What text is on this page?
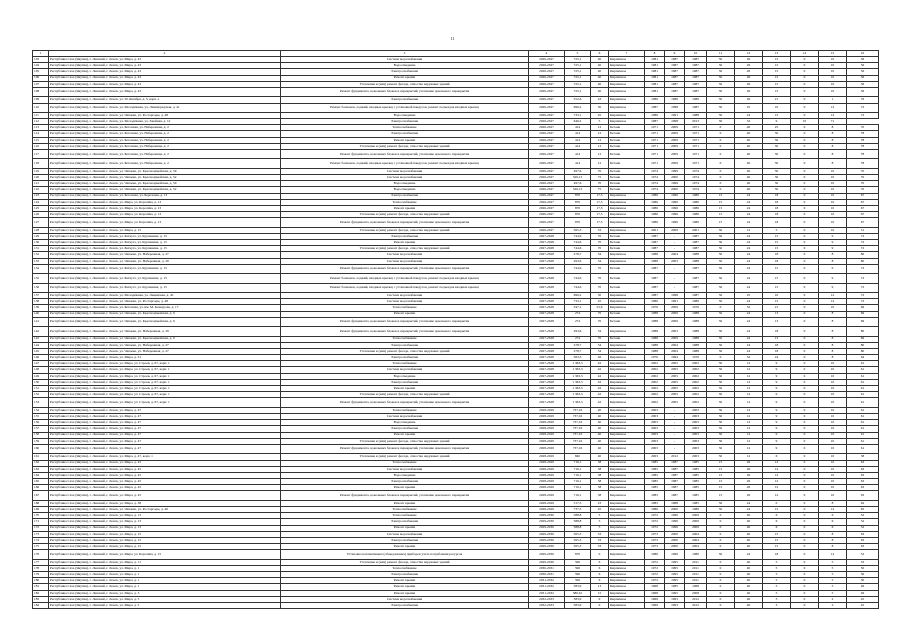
11
1	2	3	4	5	6	7	8	9	10	11	12	13	14	15	16
103	Республика Саха (Якутия), г. Ленский, г. Ленск, ул. Мира, д. 43	Система водоснабжения	2026-2027	725,1	40	Кирпичное	1981	1987	1987	30	26	15	0	10	56
104	Республика Саха (Якутия), г. Ленский, г. Ленск, ул. Мира, д. 43	Водоотведение	2026-2027	725,1	40	Кирпичное	1981	1987	1987	30	26	15	0	10	56
105	Республика Саха (Якутия), г. Ленский, г. Ленск, ул. Мира, д. 43	Электроснабжение	2026-2027	725,1	40	Кирпичное	1981	1987	1987	30	26	15	0	10	56
106	Республика Саха (Якутия), г. Ленский, г. Ленск, ул. Мира, д. 43	Ремонт крыши	2026-2027	725,1	40	Кирпичное	1981	1987	1987	30	26	15	0	10	56
107	Республика Саха (Якутия), г. Ленский, г. Ленск, ул. Мира, д. 43	Утепление и (или) ремонт фасада, отмостка наружных зданий	2026-2027	725,1	40	Кирпичное	1981	1987	1987	30	26	15	0	10	56
108	Республика Саха (Якутия), г. Ленский, г. Ленск, ул. Мира, д. 43	Ремонт фундамента, цокольных блоков и перекрытий, утепление цокольного перекрытия	2026-2027	725,1	40	Кирпичное	1981	1987	1987	30	26	15	0	10	56
109	Республика Саха (Якутия), г. Ленский, г. Ленск, ул. 50 Октября, д. 5, корп. а	Электроснабжение	2026-2027	552,6	43	Кирпичное	1986	1986	1986	30	26	21	0	1	76
110	Республика Саха (Якутия), г. Ленский, г. Ленск, ул. Молодёжная, ул. Ленинградская, д. 41	Ремонт балконов, лоджий, входных крылец с установкой пандусов, ремонт подъездов входных крылец	2026-2027	696,2	50	Кирпичное	1987	1998	1987	30	25	10	0	12	72
111	Республика Саха (Якутия), г. Ленский, г. Ленск, ул. Чапаева, ул. Ростаргоды, д. 48	Водоотведение	2026-2027	733,1	45	Кирпичное	1986	1991	1988	30	24	15	0	12	72
112	Республика Саха (Якутия), г. Ленский, г. Ленск, ул. Молодёжная, ул. Хвойная, д. 12	Электроснабжение	2026-2027	646,2	5	Кирпичное	1987	1998	2013	30	32	9	10	71	
113	Республика Саха (Якутия), г. Ленский, г. Ленск, ул. Бетонная, ул. Набережная, д. 2	Теплоснабжение	2026-2027	414	12	Бетонн	1971	2009	1971	0	40	25	0	8	70
114	Республика Саха (Якутия), г. Ленский, г. Ленск, ул. Бетонная, ул. Набережная, д. 2	Электроснабжение	2026-2027	414	12	Бетонн	1971	2009	1971	0	40	30	0	8	78
115	Республика Саха (Якутия), г. Ленский, г. Ленск, ул. Бетонная, ул. Набережная, д. 2	Ремонт крыши	2026-2027	414	12	Бетонн	1971	2009	1971	0	40	30	0	8	78
116	Республика Саха (Якутия), г. Ленский, г. Ленск, ул. Бетонная, ул. Набережная, д. 2	Утепление и (или) ремонт фасада, отмостка наружных зданий	2026-2027	414	12	Бетонн	1971	2009	1971	0	40	30	0	8	78
117	Республика Саха (Якутия), г. Ленский, г. Ленск, ул. Бетонная, ул. Набережная, д. 2	Ремонт фундамента, цокольных блоков и перекрытий, утепление цокольного перекрытия	2026-2027	414	12	Бетонн	1971	2009	1971	0	40	30	0	8	78
118	Республика Саха (Якутия), г. Ленский, г. Ленск, ул. Бетонная, ул. Набережная, д. 2	Ремонт балконов, лоджий, входных крылец с установкой пандусов, ремонт подъездов входных крылец	2026-2027	414	12	Бетонн	1971	2009	1971	0	40	30	0	8	78
119	Республика Саха (Якутия), г. Ленский, г. Ленск, ул. Чапаева, ул. Красноармейская, д. 59	Система водоснабжения	2026-2027	497,6	70	Бетонн	1974	1999	1974	0	40	30	0	10	70
120	Республика Саха (Якутия), г. Ленский, г. Ленск, ул. Чапаева, ул. Красноармейская, д. 52	Система водоснабжения	2026-2027	526,13	75	Бетонн	1974	2000	1974	0	40	30	0	10	70
121	Республика Саха (Якутия), г. Ленский, г. Ленск, ул. Чапаева, ул. Красноармейская, д. 59	Водоотведение	2026-2027	497,6	70	Бетонн	1974	1999	1974	0	40	30	0	10	70
122	Республика Саха (Якутия), г. Ленский, г. Ленск, ул. Чапаева, ул. Красноармейская, д. 52	Водоотведение	2026-2027	526,13	75	Бетонн	1974	2000	1974	0	40	30	0	10	70
123	Республика Саха (Якутия), г. Ленский, г. Ленск, ул. Бетонная, ул. Березовая, д. 13	Электроснабжение	2026-2027	870	17,5	Кирпичное	1986	1996	1986	15	24	18	0	10	67
124	Республика Саха (Якутия), г. Ленский, г. Ленск, ул. Мира, ул. Королёва, д. 13	Теплоснабжение	2026-2027	870	17,5	Кирпичное	1986	1996	1986	15	24	18	0	10	67
125	Республика Саха (Якутия), г. Ленский, г. Ленск, ул. Мира, ул. Королёва, д. 13	Ремонт крыши	2026-2027	870	17,5	Кирпичное	1986	1996	1986	15	24	18	0	10	67
126	Республика Саха (Якутия), г. Ленский, г. Ленск, ул. Мира, ул. Королёва, д. 13	Утепление и (или) ремонт фасада, отмостка наружных зданий	2026-2027	870	17,5	Кирпичное	1986	1996	1986	15	24	18	0	10	67
127	Республика Саха (Якутия), г. Ленский, г. Ленск, ул. Мира, ул. Королёва, д. 13	Ремонт фундамента, цокольных блоков и перекрытий, утепление цокольного перекрытия	2026-2027	870	17,5	Кирпичное	1986	1996	1986	15	24	18	0	10	67
128	Республика Саха (Якутия), г. Ленский, г. Ленск, ул. Мира, д. 15	Утепление и (или) ремонт фасада, отмостка наружных зданий	2026-2027	565,3	33	Кирпичное	2001	2009	2001	30	12	5	0	10	51
129	Республика Саха (Якутия), г. Ленский, г. Ленск, ул. Бахчуга, ул. Крупенина, д. 15	Электроснабжение	2027-2028	744,6	70	Бетонн	1987	-	1987	30	24	15	0	9	72
130	Республика Саха (Якутия), г. Ленский, г. Ленск, ул. Бахчуга, ул. Крупенина, д. 15	Ремонт крыши	2027-2028	744,6	70	Бетонн	1987	-	1987	30	24	15	0	9	72
131	Республика Саха (Якутия), г. Ленский, г. Ленск, ул. Бахчуга, ул. Крупенина, д. 15	Утепление и (или) ремонт фасада, отмостка наружных зданий	2027-2028	744,6	70	Бетонн	1987	-	1987	30	24	15	0	9	72
132	Республика Саха (Якутия), г. Ленский, г. Ленск, ул. Чапаева, ул. Набережная, д. 27	Система водоснабжения	2027-2028	278,7	34	Кирпичное	1988	2004	1988	30	24	18	0	8	80
133	Республика Саха (Якутия), г. Ленский, г. Ленск, ул. Чапаева, ул. Набережная, д. 29	Система водоснабжения	2027-2028	293,6	34	Кирпичное	1988	2003	1988	30	24	18	0	8	80
134	Республика Саха (Якутия), г. Ленский, г. Ленск, ул. Бахчуга, ул. Крупенина, д. 15	Ремонт фундамента, цокольных блоков и перекрытий, утепление цокольного перекрытия	2027-2028	744,6	70	Бетонн	1987	-	1987	30	24	15	0	9	72
135	Республика Саха (Якутия), г. Ленский, г. Ленск, ул. Бахчуга, ул. Крупенина, д. 15	Ремонт балконов, лоджий, входных крылец с установкой пандусов, ремонт подъездов входных крылец	2027-2028	744,6	70	Бетонн	1987	-	1987	30	24	15	0	9	72
136	Республика Саха (Якутия), г. Ленский, г. Ленск, ул. Бахчуга, ул. Крупенина, д. 15	Ремонт балконов, лоджий, входных крылец с установкой пандусов, ремонт подъездов входных крылец	2027-2028	744,6	70	Бетонн	1987	-	1987	30	24	15	0	9	72
137	Республика Саха (Якутия), г. Ленский, г. Ленск, ул. Молодёжная, ул. Ленинская, д. 43	Система водоснабжения	2027-2028	696,2	50	Кирпичное	1987	1998	1987	30	25	10	0	12	72
138	Республика Саха (Якутия), г. Ленский, г. Ленск, ул. Чапаева, ул. Ростаргоды, д. 48	Система водоснабжения	2027-2028	733,1	45	Кирпичное	1986	1991	1986	30	24	15	0	12	72
139	Республика Саха (Якутия), г. Ленский, г. Ленск, ул. Бетонная, ул. им. М. Кочкурова, д. 17	Теплоснабжение	2027-2028	547,1	55,6	Кирпичное	1976	2009	1976	0	32	21	0	10	66
140	Республика Саха (Якутия), г. Ленский, г. Ленск, ул. Чапаева, ул. Красноармейская, д. 9	Ремонт крыши	2027-2028	274	70	Бетонн	1988	2009	1988	30	24	13	0	8	69
141	Республика Саха (Якутия), г. Ленский, г. Ленск, ул. Чапаева, ул. Красноармейская, д. 9	Ремонт фундамента, цокольных блоков и перекрытий, утепление цокольного перекрытия	2027-2028	274	70	Бетонн	1988	2009	1988	30	24	13	0	8	69
142	Республика Саха (Якутия), г. Ленский, г. Ленск, ул. Чапаева, ул. Набережная, д. 29	Ремонт фундамента, цокольных блоков и перекрытий, утепление цокольного перекрытия	2027-2028	293,6	34	Кирпичное	1988	2003	1988	30	24	18	0	8	80
143	Республика Саха (Якутия), г. Ленский, г. Ленск, ул. Чапаева, ул. Красноармейская, д. 9	Теплоснабжение	2027-2028	274	70	Бетонн	1988	2009	1988	30	24	13	0	8	69
144	Республика Саха (Якутия), г. Ленский, г. Ленск, ул. Чапаева, ул. Набережная, д. 27	Электроснабжение	2027-2028	278,7	34	Кирпичное	1988	2004	1988	30	24	18	0	8	80
145	Республика Саха (Якутия), г. Ленский, г. Ленск, ул. Чапаева, ул. Набережная, д. 27	Утепление и (или) ремонт фасада, отмостка наружных зданий	2027-2028	278,7	34	Кирпичное	1988	2004	1988	30	24	18	0	8	80
146	Республика Саха (Якутия), г. Ленский, г. Ленск, ул. Мира, д. 31	Электроснабжение	2027-2028	563,3	46	Кирпичное	1976	1994	1976	0	32	24	0	8	64
147	Республика Саха (Якутия), г. Ленский, г. Ленск, ул. Мира, ул. Строев, д. 67, корп. 1	Теплоснабжение	2027-2028	1 363,3	42	Кирпичное	2002	2005	2002	30	12	9	0	10	61
148	Республика Саха (Якутия), г. Ленский, г. Ленск, ул. Мира, ул. Строев, д. 67, корп. 1	Система водоснабжения	2027-2028	1 363,3	42	Кирпичное	2002	2005	2002	30	12	9	0	10	61
149	Республика Саха (Якутия), г. Ленский, г. Ленск, ул. Мира, ул. Строев, д. 67, корп. 1	Водоотведение	2027-2028	1 363,3	42	Кирпичное	2002	2005	2002	30	12	9	0	10	61
150	Республика Саха (Якутия), г. Ленский, г. Ленск, ул. Мира, ул. Строев, д. 67, корп. 1	Электроснабжение	2027-2028	1 363,3	42	Кирпичное	2002	2005	2002	30	12	9	0	10	61
151	Республика Саха (Якутия), г. Ленский, г. Ленск, ул. Мира, ул. Строев, д. 67, корп. 1	Ремонт крыши	2027-2028	1 363,3	42	Кирпичное	2002	2005	2002	30	12	9	0	10	61
152	Республика Саха (Якутия), г. Ленский, г. Ленск, ул. Мира, ул. Строев, д. 67, корп. 1	Утепление и (или) ремонт фасада, отмостка наружных зданий	2027-2028	1 363,3	42	Кирпичное	2002	2005	2002	30	12	9	0	10	61
153	Республика Саха (Якутия), г. Ленский, г. Ленск, ул. Мира, ул. Строев, д. 67, корп. 1	Ремонт фундамента, цокольных блоков и перекрытий, утепление цокольного перекрытия	2027-2028	1 363,3	42	Кирпичное	2002	2005	2002	30	12	9	0	10	61
154	Республика Саха (Якутия), г. Ленский, г. Ленск, ул. Мира, д. 47	Теплоснабжение	2028-2029	737,16	40	Кирпичное	2003	-	2003	30	12	9	0	10	61
155	Республика Саха (Якутия), г. Ленский, г. Ленск, ул. Мира, д. 47	Система водоснабжения	2028-2029	737,16	40	Кирпичное	2003	-	2003	30	12	9	0	10	61
156	Республика Саха (Якутия), г. Ленский, г. Ленск, ул. Мира, д. 47	Водоотведение	2028-2029	737,16	40	Кирпичное	2003	-	2003	30	12	9	0	10	61
157	Республика Саха (Якутия), г. Ленский, г. Ленск, ул. Мира, д. 47	Электроснабжение	2028-2029	737,16	40	Кирпичное	2003	-	2003	30	12	9	0	10	61
158	Республика Саха (Якутия), г. Ленский, г. Ленск, ул. Мира, д. 47	Ремонт крыши	2028-2029	737,16	40	Кирпичное	2003	-	2003	30	12	9	0	10	61
159	Республика Саха (Якутия), г. Ленский, г. Ленск, ул. Мира, д. 47	Утепление и (или) ремонт фасада, отмостка наружных зданий	2028-2029	737,16	40	Кирпичное	2003	-	2003	30	12	9	0	10	61
160	Республика Саха (Якутия), г. Ленский, г. Ленск, ул. Мира, д. 47	Ремонт фундамента, цокольных блоков и перекрытий, утепление цокольного перекрытия	2028-2029	737,16	40	Кирпичное	2003	-	2003	30	12	9	0	10	61
161	Республика Саха (Якутия), г. Ленский, г. Ленск, ул. Мира, д. 47, корп. 1	Утепление и (или) ремонт фасада, отмостка наружных зданий	2028-2029	840	40	Кирпичное	2003	2012	2003	30	12	6	0	10	58
162	Республика Саха (Якутия), г. Ленский, г. Ленск, ул. Мира, д. 45	Теплоснабжение	2028-2029	716,1	38	Кирпичное	1985	1987	1985	15	26	12	0	10	63
163	Республика Саха (Якутия), г. Ленский, г. Ленск, ул. Мира, д. 45	Система водоснабжения	2028-2029	716,1	38	Кирпичное	1985	1987	1985	15	26	12	0	10	63
164	Республика Саха (Якутия), г. Ленский, г. Ленск, ул. Мира, д. 45	Водоотведение	2028-2029	716,1	38	Кирпичное	1985	1987	1985	15	26	12	0	10	63
165	Республика Саха (Якутия), г. Ленский, г. Ленск, ул. Мира, д. 45	Электроснабжение	2028-2029	716,1	38	Кирпичное	1985	1987	1985	15	26	12	0	10	63
166	Республика Саха (Якутия), г. Ленский, г. Ленск, ул. Мира, д. 45	Ремонт крыши	2028-2029	716,1	38	Кирпичное	1985	1987	1985	15	26	12	0	10	63
167	Республика Саха (Якутия), г. Ленский, г. Ленск, ул. Мира, д. 45	Ремонт фундамента, цокольных блоков и перекрытий, утепление цокольного перекрытия	2028-2029	716,1	38	Кирпичное	1985	1987	1985	15	26	12	0	10	63
168	Республика Саха (Якутия), г. Ленский, г. Ленск, ул. Мира, д. 38	Ремонт крыши	2028-2029	517,5	23	Кирпичное	1985	1988	1985	30	24	0	0	8	62
169	Республика Саха (Якутия), г. Ленский, г. Ленск, ул. Чапаева, ул. Ростаргоды, д. 46	Теплоснабжение	2028-2029	737,5	45	Кирпичное	1986	2000	1986	30	24	15	0	12	65
170	Республика Саха (Якутия), г. Ленский, г. Ленск, ул. Мира, д. 13	Теплоснабжение	2029-2030	588,8	5	Кирпичное	1972	1996	2009	0	40	6	0	6	52
171	Республика Саха (Якутия), г. Ленский, г. Ленск, ул. Мира, д. 13	Электроснабжение	2029-2030	588,8	5	Кирпичное	1972	1996	2009	0	40	6	0	6	52
172	Республика Саха (Якутия), г. Ленский, г. Ленск, ул. Мира, д. 13	Ремонт крыши	2029-2030	588,8	5	Кирпичное	1972	1996	2009	0	40	6	0	6	52
173	Республика Саха (Якутия), г. Ленский, г. Ленск, ул. Мира, д. 15	Система водоснабжения	2029-2030	565,3	33	Кирпичное	1973	2000	2004	0	40	15	0	8	63
174	Республика Саха (Якутия), г. Ленский, г. Ленск, ул. Мира, д. 15	Электроснабжение	2029-2030	565,3	33	Кирпичное	1973	2000	2004	0	40	15	0	8	63
175	Республика Саха (Якутия), г. Ленский, г. Ленск, ул. Мира, д. 15	Ремонт крыши	2029-2030	565,3	33	Кирпичное	1973	2000	2004	0	40	15	0	8	63
176	Республика Саха (Якутия), г. Ленский, г. Ленск, ул. Мира, ул. Королёва, д. 15	Установка коллективных (общедомовых) приборов учета потребления ресурсов	2029-2030	870	0	Кирпичное	1986	1996	1986	30	24	18	0	12	52
177	Республика Саха (Якутия), г. Ленский, г. Ленск, ул. Мира, д. 11	Утепление и (или) ремонт фасада, отмостка наружных зданий	2029-2030	590	6	Кирпичное	1972	1995	2011	0	40	5	0	5	53
178	Республика Саха (Якутия), г. Ленский, г. Ленск, ул. Мира, д. 1	Теплоснабжение	2030-2031	590	6	Кирпичное	1972	1995	2011	0	40	5	0	5	50
179	Республика Саха (Якутия), г. Ленский, г. Ленск, ул. Мира, д. 1	Электроснабжение	2030-2031	590	6	Кирпичное	1972	1995	2011	0	40	5	0	5	50
180	Республика Саха (Якутия), г. Ленский, г. Ленск, ул. Мира, д. 1	Ремонт крыши	2031-2032	590	6	Кирпичное	1972	1995	2011	0	40	5	0	5	50
181	Республика Саха (Якутия), г. Ленский, г. Ленск, ул. Мира, д. 1	Ремонт крыши	2031-2032	583,9	13	Кирпичное	1968	1985	1968	0	40	5	0	5	49
182	Республика Саха (Якутия), г. Ленский, г. Ленск, ул. Мира, д. 3	Ремонт крыши	2031-2032	580,61	15	Кирпичное	1968	1995	2008	0	40	5	0	5	49
183	Республика Саха (Якутия), г. Ленский, г. Ленск, ул. Мира, д. 5	Система водоснабжения	2032-2033	583,9	9	Кирпичное	1969	1993	2012	0	40	3	0	2	45
184	Республика Саха (Якутия), г. Ленский, г. Ленск, ул. Мира, д. 5	Электроснабжение	2032-2033	583,9	9	Кирпичное	1969	1993	2012	0	40	3	0	2	45
